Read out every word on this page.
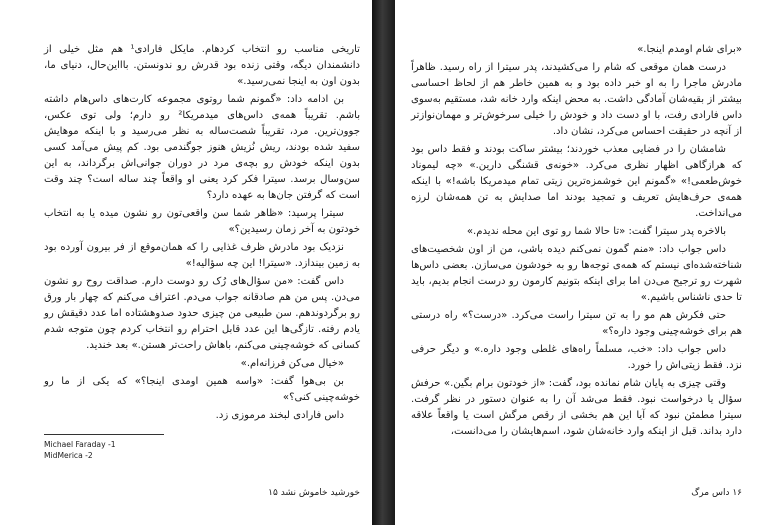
تاریخی مناسب رو انتخاب کردهام. مایکل فارادی¹ هم مثل خیلی از دانشمندان دیگه، وقتی زنده بود قدرش رو ندونستن. باااین‌حال، دنیای ما، بدون اون به اینجا نمی‌رسید.»

بن ادامه داد: «گمونم شما روتوی مجموعه کارت‌های داس‌هام داشته باشم. تقریباً همه‌ی داس‌های میدمریکا² رو دارم؛ ولی توی عکس، جوون‌ترین. مرد، تقریباً شصت‌ساله به نظر می‌رسید و با اینکه موهایش سفید شده بودند، ریش نُزیش هنوز جوگندمی بود. کم پیش می‌آمد کسی بدون اینکه خودش رو بچه‌ی مرد در دوران جوانی‌اش برگرداند، به این سن‌وسال برسد. سیترا فکر کرد یعنی او واقعاً چند ساله است؟ چند وقت است که گرفتن جان‌ها به عهده دارد؟

سیترا پرسید: «ظاهر شما سن واقعی‌تون رو نشون میده یا به انتخاب خودتون به آخر زمان رسیدین؟»

نزدیک بود مادرش ظرف غذایی را که همان‌موقع از فر بیرون آورده بود به زمین بیندازد. «سیترا! این چه سؤالیه!»

داس گفت: «من سؤال‌های رُک رو دوست دارم. صداقت روح رو نشون می‌دن. پس من هم صادقانه جواب می‌دم. اعتراف می‌کنم که چهار بار ورق رو برگردوندهم. سن طبیعی من چیزی حدود صدوهشتاده اما عدد دقیقش رو یادم رفته. تازگی‌ها این عدد قابل احترام رو انتخاب کردم چون متوجه شدم کسانی که خوشه‌چینی می‌کنم، باهاش راحت‌تر هستن.» بعد خندید.

«خیال می‌کن فرزانه‌ام.»

بن بی‌هوا گفت: «واسه همین اومدی اینجا؟» که یکی از ما رو خوشه‌چینی کنی؟»

داس فارادی لبخند مرموزی زد.

Michael Faraday -1

MidMerica -2

خورشید خاموش نشد ۱۵

«برای شام اومدم اینجا.»

درست همان موقعی که شام را می‌کشیدند، پدر سیترا از راه رسید. ظاهراً مادرش ماجرا را به او خبر داده بود و به همین خاطر هم از لحاظ احساسی بیشتر از بقیه‌شان آمادگی داشت. به محض اینکه وارد خانه شد، مستقیم به‌سوی داس فارادی رفت، با او دست داد و خودش را خیلی سرخوش‌تر و مهمان‌نوازتر از آنچه در حقیقت احساس می‌کرد، نشان داد.

شامشان را در فضایی معذب خوردند؛ بیشتر ساکت بودند و فقط داس بود که هرازگاهی اظهار نظری می‌کرد. «خونه‌ی قشنگی دارین.» «چه لیموناد خوش‌طعمی!» «گمونم این خوشمزه‌ترین زیتی تمام میدمریکا باشه!» با اینکه همه‌ی حرف‌هایش تعریف و تمجید بودند اما صدایش به تن همه‌شان لرزه می‌انداخت.

بالاخره پدر سیترا گفت: «تا حالا شما رو توی این محله ندیدم.»

داس جواب داد: «منم گمون نمی‌کنم دیده باشی، من از اون شخصیت‌های شناخته‌شده‌ای نیستم که همه‌ی توجه‌ها رو به خودشون می‌سازن. بعضی داس‌ها شهرت رو ترجیح می‌دن اما برای اینکه بتونیم کارمون رو درست انجام بدیم، باید تا حدی ناشناس باشیم.»

حتی فکرش هم مو را به تن سیترا راست می‌کرد. «درست؟» راه درستی هم برای خوشه‌چینی وجود داره؟»

داس جواب داد: «خب، مسلماً راه‌های غلطی وجود داره.» و دیگر حرفی نزد. فقط زیتی‌اش را خورد.

وقتی چیزی به پایان شام نمانده بود، گفت: «از خودتون برام بگین.» حرفش سؤال یا درخواست نبود. فقط می‌شد آن را به عنوان دستور در نظر گرفت. سیترا مطمئن نبود که آیا این هم بخشی از رقص مرگش است یا واقعاً علاقه دارد بداند. قبل از اینکه وارد خانه‌شان شود، اسم‌هایشان را می‌دانست،

۱۶ داس مرگ
